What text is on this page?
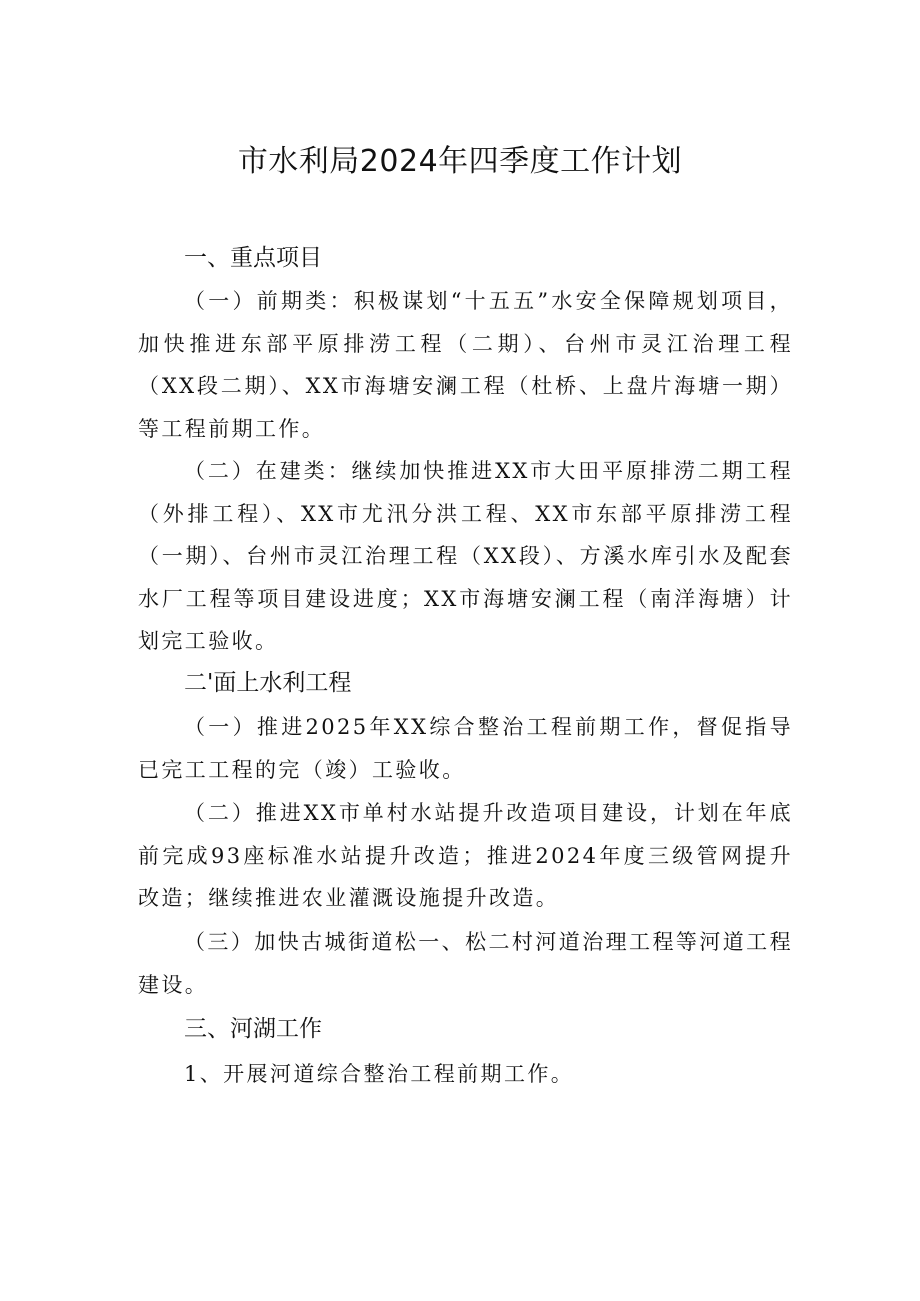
市水利局2024年四季度工作计划
一、重点项目

（一）前期类：积极谋划“十五五”水安全保障规划项目，加快推进东部平原排涝工程（二期）、台州市灵江治理工程（XX段二期）、XX市海塘安澜工程（杜桥、上盘片海塘一期）等工程前期工作。

（二）在建类：继续加快推进XX市大田平原排涝二期工程（外排工程）、XX市尤汛分洪工程、XX市东部平原排涝工程（一期）、台州市灵江治理工程（XX段）、方溪水库引水及配套水厂工程等项目建设进度；XX市海塘安澜工程（南洋海塘）计划完工验收。

二'面上水利工程

（一）推进2025年XX综合整治工程前期工作，督促指导已完工工程的完（竣）工验收。

（二）推进XX市单村水站提升改造项目建设，计划在年底前完成93座标准水站提升改造；推进2024年度三级管网提升改造；继续推进农业灌溉设施提升改造。

（三）加快古城街道松一、松二村河道治理工程等河道工程建设。

三、河湖工作

1、开展河道综合整治工程前期工作。
